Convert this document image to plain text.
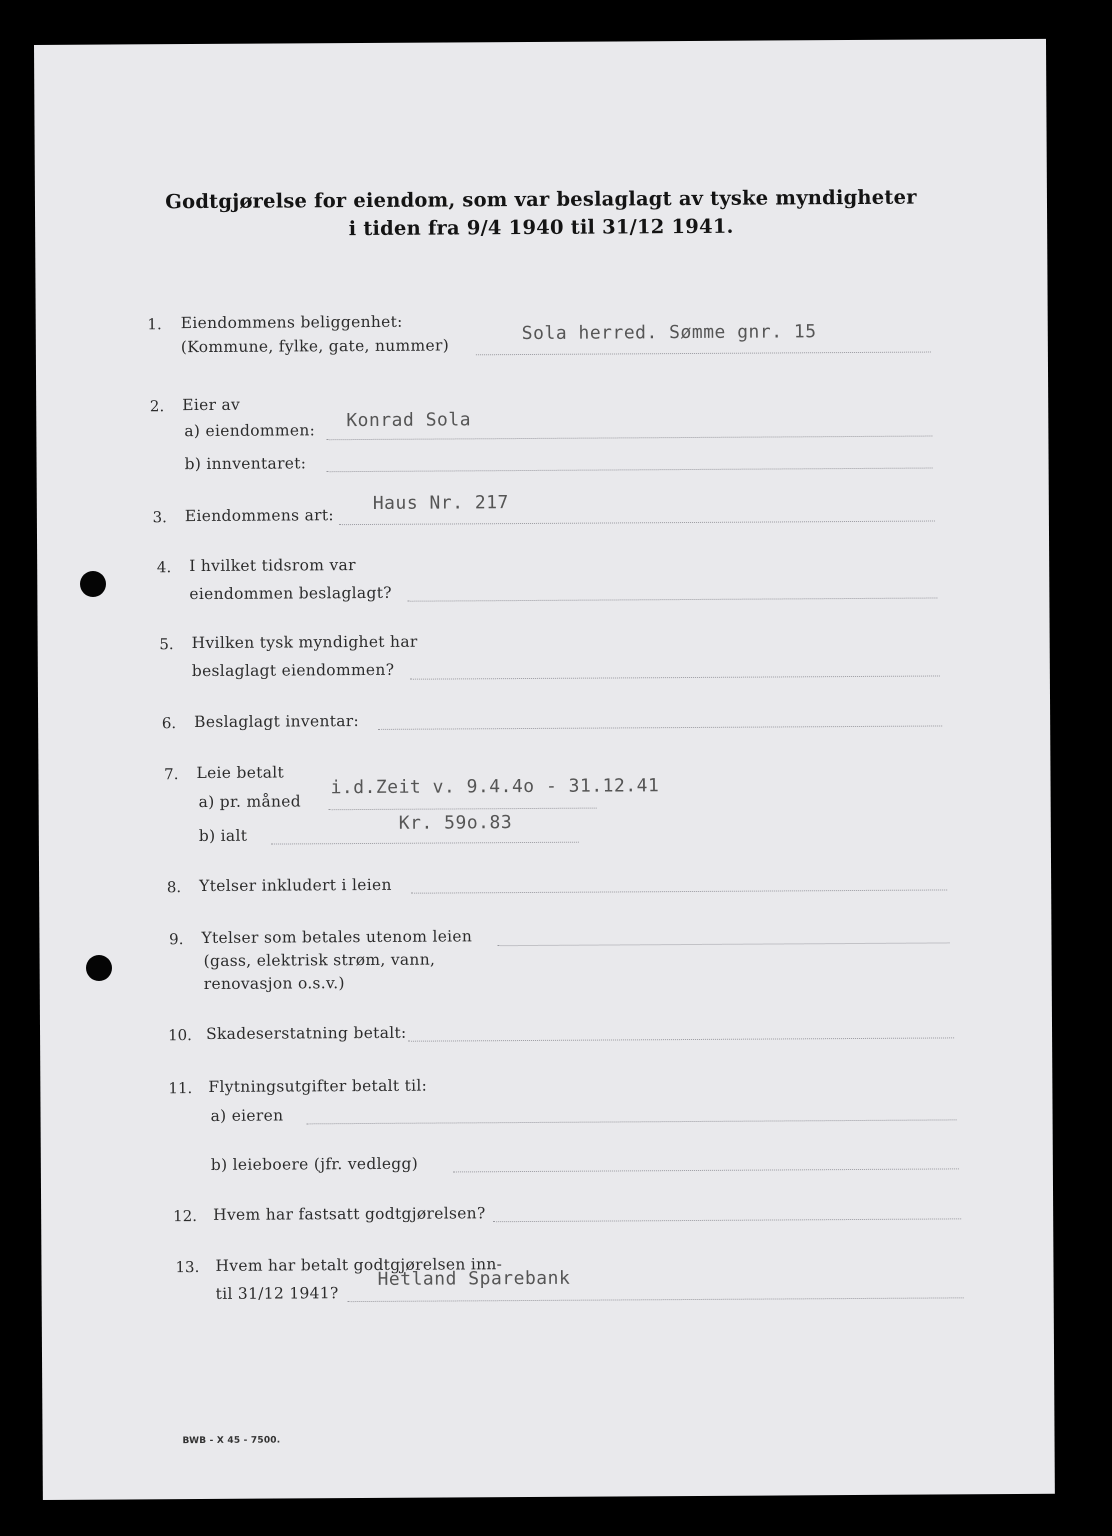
Godtgjørelse for eiendom, som var beslaglagt av tyske myndigheter
i tiden fra 9/4 1940 til 31/12 1941.
1. Eiendommens beliggenhet:
(Kommune, fylke, gate, nummer)
Sola herred. Sømme gnr. 15
2. Eier av
a) eiendommen: Konrad Sola
b) innventaret:
3. Eiendommens art:
Haus Nr. 217
4. I hvilket tidsrom var
eiendommen beslaglagt?
5. Hvilken tysk myndighet har
beslaglagt eiendommen?
6. Beslaglagt inventar:
7. Leie betalt
a) pr. måned
i.d.Zeit v. 9.4.4o - 31.12.41
b) ialt
Kr. 59o.83
8. Ytelser inkludert i leien
9. Ytelser som betales utenom leien
(gass, elektrisk strøm, vann,
renovasjon o.s.v.)
10. Skadeserstatning betalt:
11. Flytningsutgifter betalt til:
a) eieren
b) leieboere (jfr. vedlegg)
12. Hvem har fastsatt godtgjørelsen?
13. Hvem har betalt godtgjørelsen inn-
til 31/12 1941?
Hetland Sparebank
BWB - X 45 - 7500.
